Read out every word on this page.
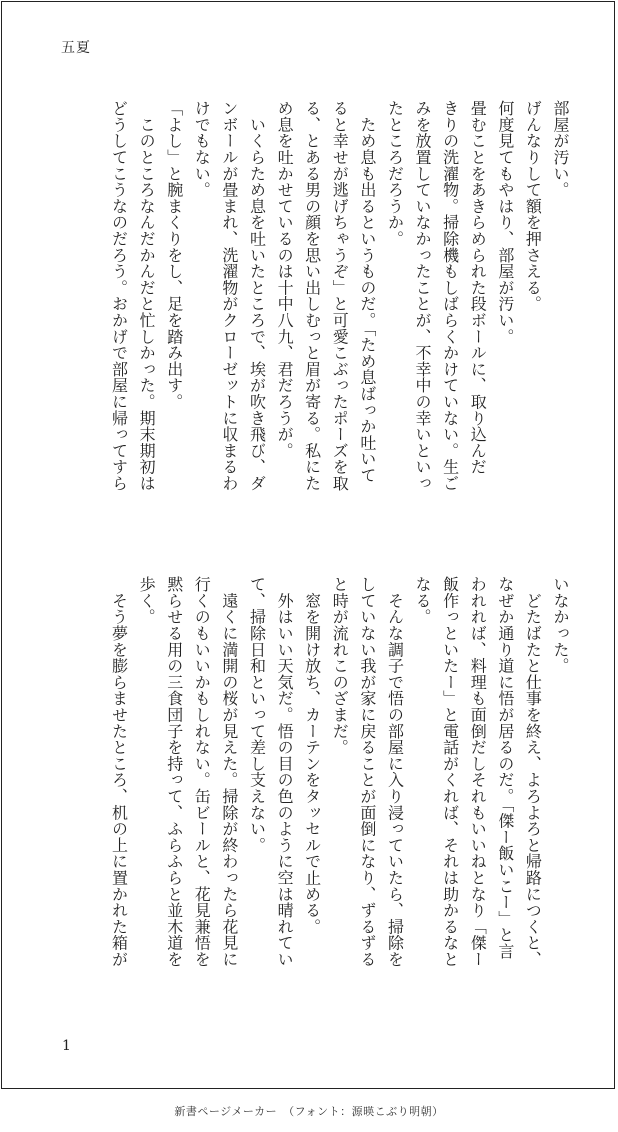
五夏

部屋が汚い。

げんなりして額を押さえる。

何度見てもやはり、部屋が汚い。

畳むことをあきらめられた段ボールに、取り込んだ

きりの洗濯物。掃除機もしばらくかけていない。生ご

みを放置していなかったことが、不幸中の幸いといっ

たところだろうか。

　ため息も出るというものだ。「ため息ばっか吐いて

ると幸せが逃げちゃうぞ」と可愛こぶったポーズを取

る、とある男の顔を思い出しむっと眉が寄る。私にた

め息を吐かせているのは十中八九、君だろうが。

　いくらため息を吐いたところで、埃が吹き飛び、ダ

ンボールが畳まれ、洗濯物がクローゼットに収まるわ

けでもない。

「よし」と腕まくりをし、足を踏み出す。

　このところなんだかんだと忙しかった。期末期初は

どうしてこうなのだろう。おかげで部屋に帰ってすら

いなかった。

　どたばたと仕事を終え、よろよろと帰路につくと、

なぜか通り道に悟が居るのだ。「傑ー飯いこー」と言

われれば、料理も面倒だしそれもいいねとなり「傑ー

飯作っといたー」と電話がくれば、それは助かるなと

なる。

　そんな調子で悟の部屋に入り浸っていたら、掃除を

していない我が家に戻ることが面倒になり、ずるずる

と時が流れこのざまだ。

　窓を開け放ち、カーテンをタッセルで止める。

　外はいい天気だ。悟の目の色のように空は晴れてい

て、掃除日和といって差し支えない。

　遠くに満開の桜が見えた。掃除が終わったら花見に

行くのもいいかもしれない。缶ビールと、花見兼悟を

黙らせる用の三食団子を持って、ふらふらと並木道を

歩く。

　そう夢を膨らませたところ、机の上に置かれた箱が

1
新書ページメーカー　（フォント：源暎こぶり明朝）
